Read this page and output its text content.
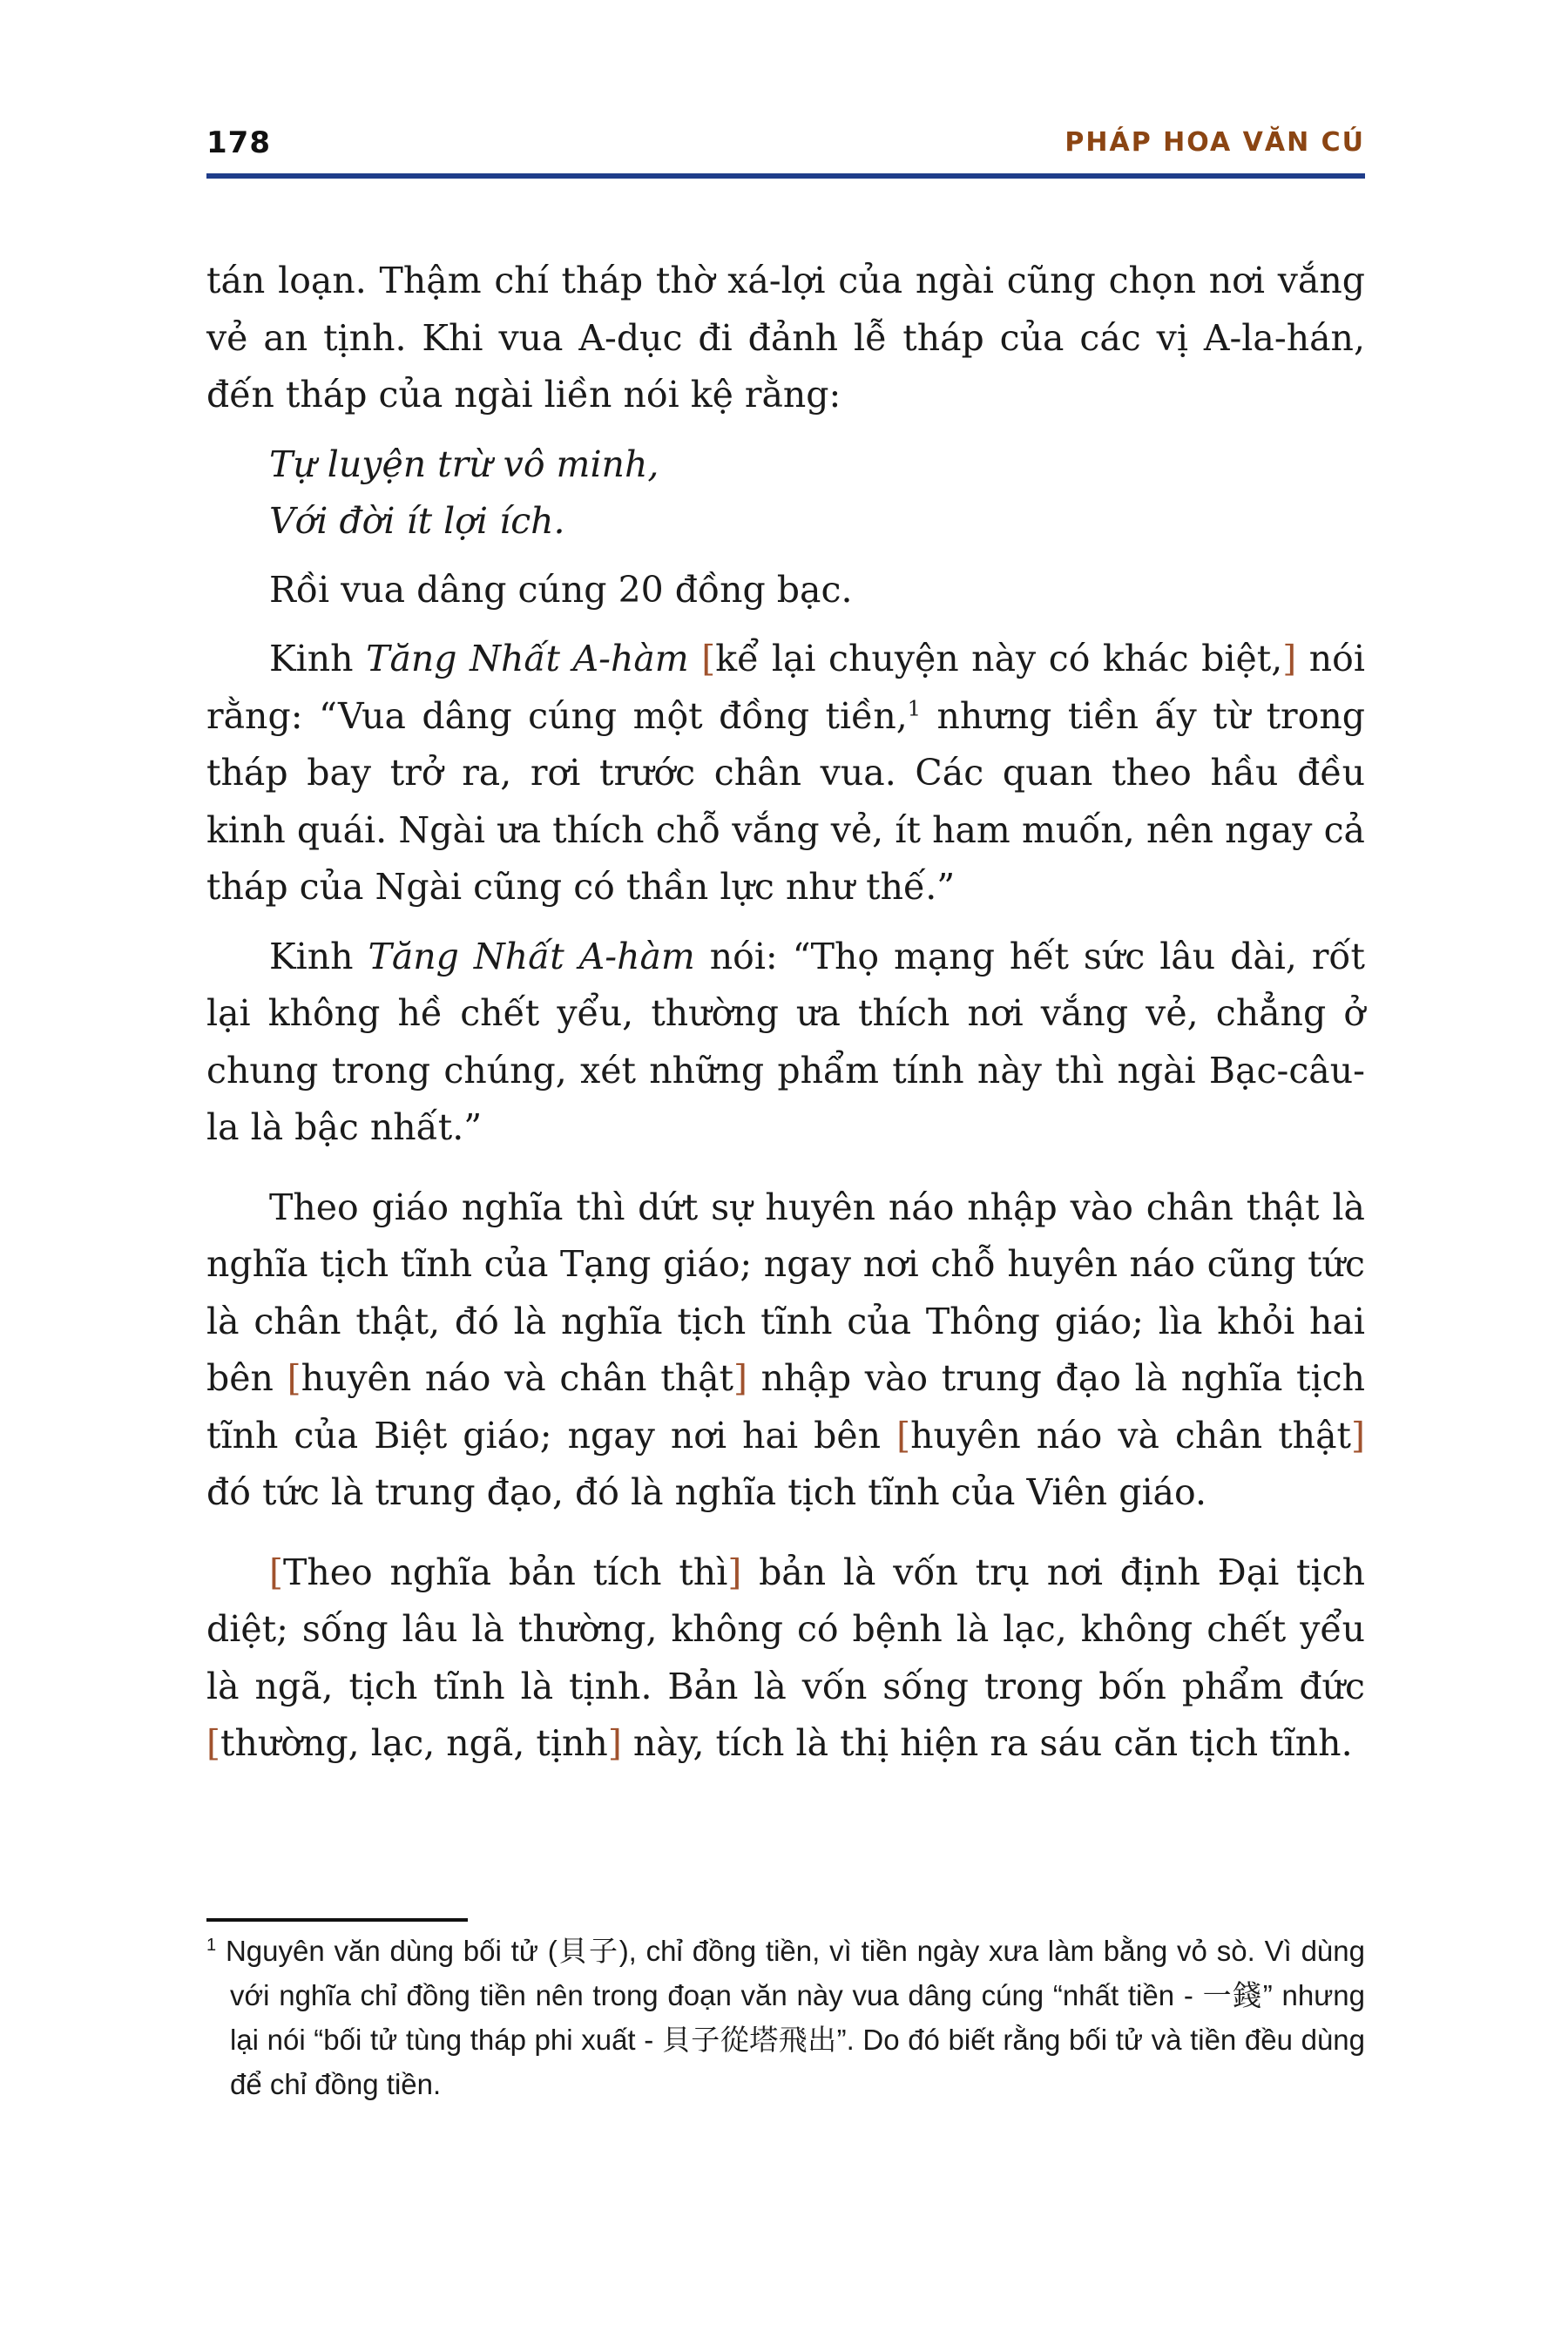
178	PHÁP HOA VĂN CÚ

tán loạn. Thậm chí tháp thờ xá-lợi của ngài cũng chọn nơi vắng vẻ an tịnh. Khi vua A-dục đi đảnh lễ tháp của các vị A-la-hán, đến tháp của ngài liền nói kệ rằng:

Tự luyện trừ vô minh,
Với đời ít lợi ích.

Rồi vua dâng cúng 20 đồng bạc.

Kinh Tăng Nhất A-hàm [kể lại chuyện này có khác biệt,] nói rằng: “Vua dâng cúng một đồng tiền,$^1$ nhưng tiền ấy từ trong tháp bay trở ra, rơi trước chân vua. Các quan theo hầu đều kinh quái. Ngài ưa thích chỗ vắng vẻ, ít ham muốn, nên ngay cả tháp của Ngài cũng có thần lực như thế.”

Kinh Tăng Nhất A-hàm nói: “Thọ mạng hết sức lâu dài, rốt lại không hề chết yểu, thường ưa thích nơi vắng vẻ, chẳng ở chung trong chúng, xét những phẩm tính này thì ngài Bạc-câu-la là bậc nhất.”

Theo giáo nghĩa thì dứt sự huyên náo nhập vào chân thật là nghĩa tịch tĩnh của Tạng giáo; ngay nơi chỗ huyên náo cũng tức là chân thật, đó là nghĩa tịch tĩnh của Thông giáo; lìa khỏi hai bên [huyên náo và chân thật] nhập vào trung đạo là nghĩa tịch tĩnh của Biệt giáo; ngay nơi hai bên [huyên náo và chân thật] đó tức là trung đạo, đó là nghĩa tịch tĩnh của Viên giáo.

[Theo nghĩa bản tích thì] bản là vốn trụ nơi định Đại tịch diệt; sống lâu là thường, không có bệnh là lạc, không chết yểu là ngã, tịch tĩnh là tịnh. Bản là vốn sống trong bốn phẩm đức [thường, lạc, ngã, tịnh] này, tích là thị hiện ra sáu căn tịch tĩnh.

$^1$ Nguyên văn dùng bối tử (貝子), chỉ đồng tiền, vì tiền ngày xưa làm bằng vỏ sò. Vì dùng với nghĩa chỉ đồng tiền nên trong đoạn văn này vua dâng cúng “nhất tiền - 一錢” nhưng lại nói “bối tử tùng tháp phi xuất - 貝子從塔飛出”. Do đó biết rằng bối tử và tiền đều dùng để chỉ đồng tiền.
